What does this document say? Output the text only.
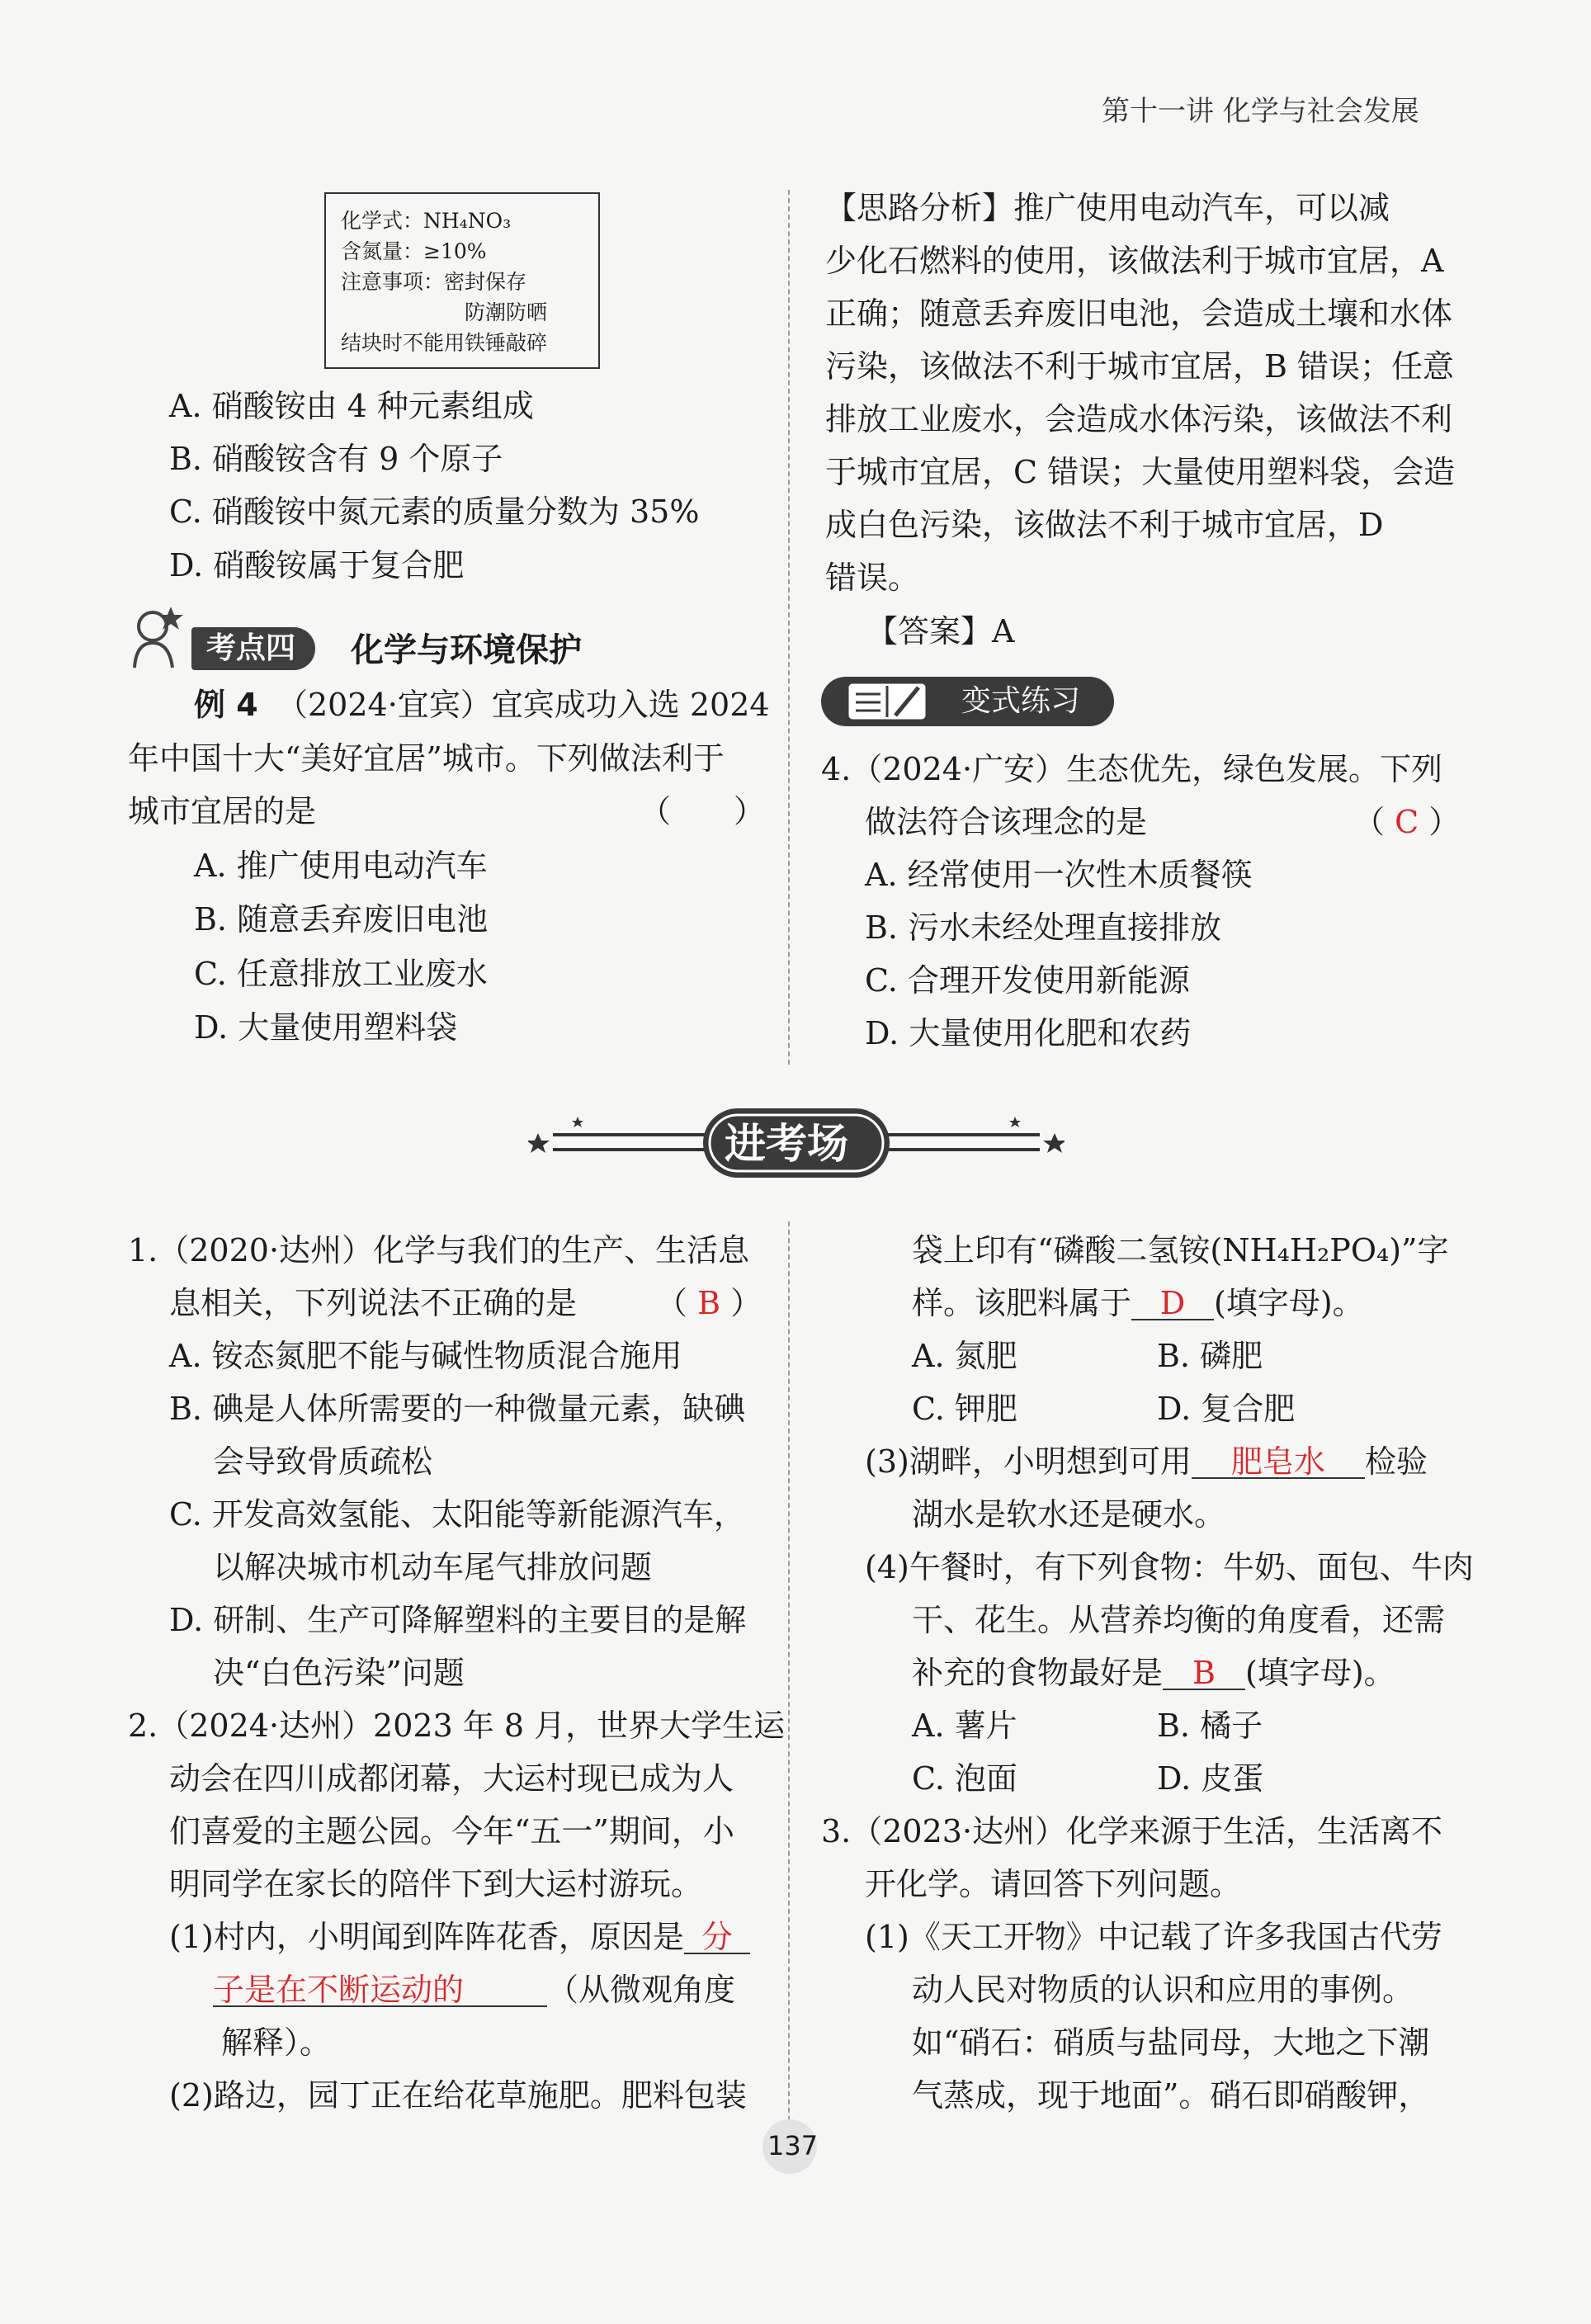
第十一讲 化学与社会发展
化学式：NH₄NO₃
含氮量：≥10%
注意事项：密封保存
防潮防晒
结块时不能用铁锤敲碎
A. 硝酸铵由 4 种元素组成
B. 硝酸铵含有 9 个原子
C. 硝酸铵中氮元素的质量分数为 35%
D. 硝酸铵属于复合肥
考点四 化学与环境保护
例 4 （2024·宜宾）宜宾成功入选 2024
年中国十大“美好宜居”城市。下列做法利于
城市宜居的是	（　　）
A. 推广使用电动汽车
B. 随意丢弃废旧电池
C. 任意排放工业废水
D. 大量使用塑料袋
【思路分析】推广使用电动汽车，可以减
少化石燃料的使用，该做法利于城市宜居，A
正确；随意丢弃废旧电池，会造成土壤和水体
污染，该做法不利于城市宜居，B 错误；任意
排放工业废水，会造成水体污染，该做法不利
于城市宜居，C 错误；大量使用塑料袋，会造
成白色污染，该做法不利于城市宜居，D
错误。
【答案】A
变式练习
4.（2024·广安）生态优先，绿色发展。下列
做法符合该理念的是	（ C ）
A. 经常使用一次性木质餐筷
B. 污水未经处理直接排放
C. 合理开发使用新能源
D. 大量使用化肥和农药
进考场
1.（2020·达州）化学与我们的生产、生活息
息相关，下列说法不正确的是	（ B ）
A. 铵态氮肥不能与碱性物质混合施用
B. 碘是人体所需要的一种微量元素，缺碘
会导致骨质疏松
C. 开发高效氢能、太阳能等新能源汽车，
以解决城市机动车尾气排放问题
D. 研制、生产可降解塑料的主要目的是解
决“白色污染”问题
2.（2024·达州）2023 年 8 月，世界大学生运
动会在四川成都闭幕，大运村现已成为人
们喜爱的主题公园。今年“五一”期间，小
明同学在家长的陪伴下到大运村游玩。
(1)村内，小明闻到阵阵花香，原因是 分
子是在不断运动的	（从微观角度
解释）。
(2)路边，园丁正在给花草施肥。肥料包装
袋上印有“磷酸二氢铵(NH₄H₂PO₄)”字
样。该肥料属于 D (填字母)。
A. 氮肥	B. 磷肥
C. 钾肥	D. 复合肥
(3)湖畔，小明想到可用 肥皂水 检验
湖水是软水还是硬水。
(4)午餐时，有下列食物：牛奶、面包、牛肉
干、花生。从营养均衡的角度看，还需
补充的食物最好是 B (填字母)。
A. 薯片	B. 橘子
C. 泡面	D. 皮蛋
3.（2023·达州）化学来源于生活，生活离不
开化学。请回答下列问题。
(1)《天工开物》中记载了许多我国古代劳
动人民对物质的认识和应用的事例。
如“硝石：硝质与盐同母，大地之下潮
气蒸成，现于地面”。硝石即硝酸钾，
137
